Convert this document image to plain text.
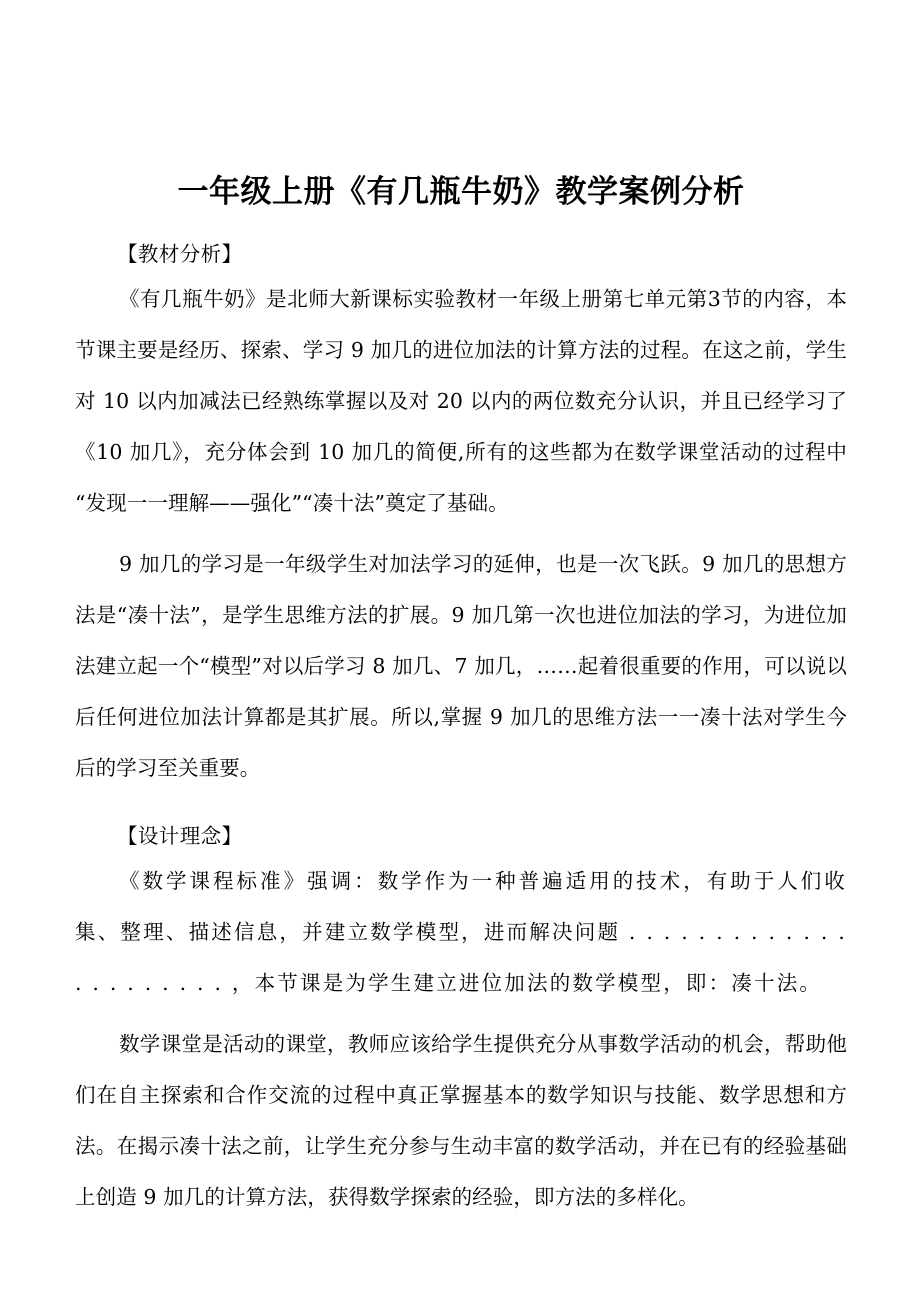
一年级上册《有几瓶牛奶》教学案例分析

【教材分析】

《有几瓶牛奶》是北师大新课标实验教材一年级上册第七单元第3节的内容，本节课主要是经历、探索、学习 9 加几的进位加法的计算方法的过程。在这之前，学生对 10 以内加减法已经熟练掌握以及对 20 以内的两位数充分认识，并且已经学习了《10 加几》，充分体会到 10 加几的简便,所有的这些都为在数学课堂活动的过程中“发现一一理解——强化”“凑十法”奠定了基础。

9 加几的学习是一年级学生对加法学习的延伸，也是一次飞跃。9 加几的思想方法是“凑十法”，是学生思维方法的扩展。9 加几第一次也进位加法的学习，为进位加法建立起一个“模型”对以后学习 8 加几、7 加几，……起着很重要的作用，可以说以后任何进位加法计算都是其扩展。所以,掌握 9 加几的思维方法一一凑十法对学生今后的学习至关重要。

【设计理念】

《数学课程标准》强调：数学作为一种普遍适用的技术，有助于人们收集、整理、描述信息，并建立数学模型，进而解决问题 . . . . . . . . . . . . . . . . . . . . . . ，本节课是为学生建立进位加法的数学模型，即：凑十法。

数学课堂是活动的课堂，教师应该给学生提供充分从事数学活动的机会，帮助他们在自主探索和合作交流的过程中真正掌握基本的数学知识与技能、数学思想和方法。在揭示凑十法之前，让学生充分参与生动丰富的数学活动，并在已有的经验基础上创造 9 加几的计算方法，获得数学探索的经验，即方法的多样化。
